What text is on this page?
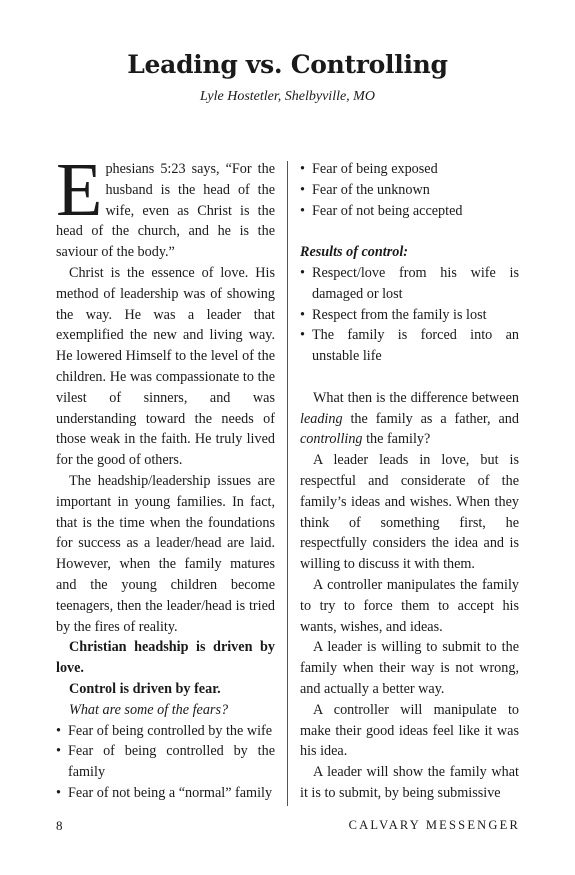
Leading vs. Controlling
Lyle Hostetler, Shelbyville, MO

Ephesians 5:23 says, “For the husband is the head of the wife, even as Christ is the head of the church, and he is the saviour of the body.”

Christ is the essence of love. His method of leadership was of showing the way. He was a leader that exemplified the new and living way. He lowered Himself to the level of the children. He was compassionate to the vilest of sinners, and was understanding toward the needs of those weak in the faith. He truly lived for the good of others.

The headship/leadership issues are important in young families. In fact, that is the time when the foundations for success as a leader/head are laid. However, when the family matures and the young children become teenagers, then the leader/head is tried by the fires of reality.

Christian headship is driven by love.

Control is driven by fear.

What are some of the fears?

• Fear of being controlled by the wife
• Fear of being controlled by the family
• Fear of not being a “normal” family
• Fear of being exposed
• Fear of the unknown
• Fear of not being accepted

Results of control:

• Respect/love from his wife is damaged or lost
• Respect from the family is lost
• The family is forced into an unstable life

What then is the difference between leading the family as a father, and controlling the family?

A leader leads in love, but is respectful and considerate of the family’s ideas and wishes. When they think of something first, he respectfully considers the idea and is willing to discuss it with them.

A controller manipulates the family to try to force them to accept his wants, wishes, and ideas.

A leader is willing to submit to the family when their way is not wrong, and actually a better way.

A controller will manipulate to make their good ideas feel like it was his idea.

A leader will show the family what it is to submit, by being submissive

8	CALVARY MESSENGER
